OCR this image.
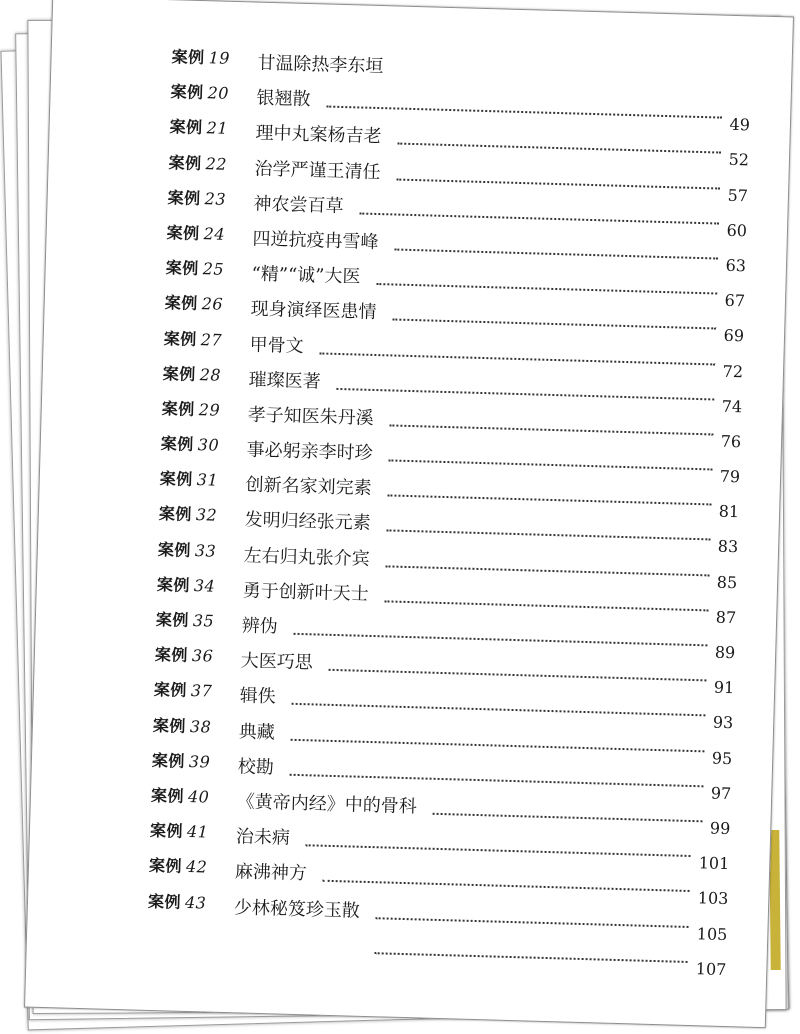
案例 19 甘温除热李东垣
案例 20 银翘散
49
案例 21 理中丸案杨吉老
52
案例 22 治学严谨王清任
57
案例 23 神农尝百草
60
案例 24 四逆抗疫冉雪峰
63
案例 25 “精”“诚”大医
67
案例 26 现身演绎医患情
69
案例 27 甲骨文
72
案例 28 璀璨医著
74
案例 29 孝子知医朱丹溪
76
案例 30 事必躬亲李时珍
79
案例 31 创新名家刘完素
81
案例 32 发明归经张元素
83
案例 33 左右归丸张介宾
85
案例 34 勇于创新叶天士
87
案例 35 辨伪
89
案例 36 大医巧思
91
案例 37 辑佚
93
案例 38 典藏
95
案例 39 校勘
97
案例 40 《黄帝内经》中的骨科
99
案例 41 治未病
101
案例 42 麻沸神方
103
案例 43 少林秘笈珍玉散
105
107
